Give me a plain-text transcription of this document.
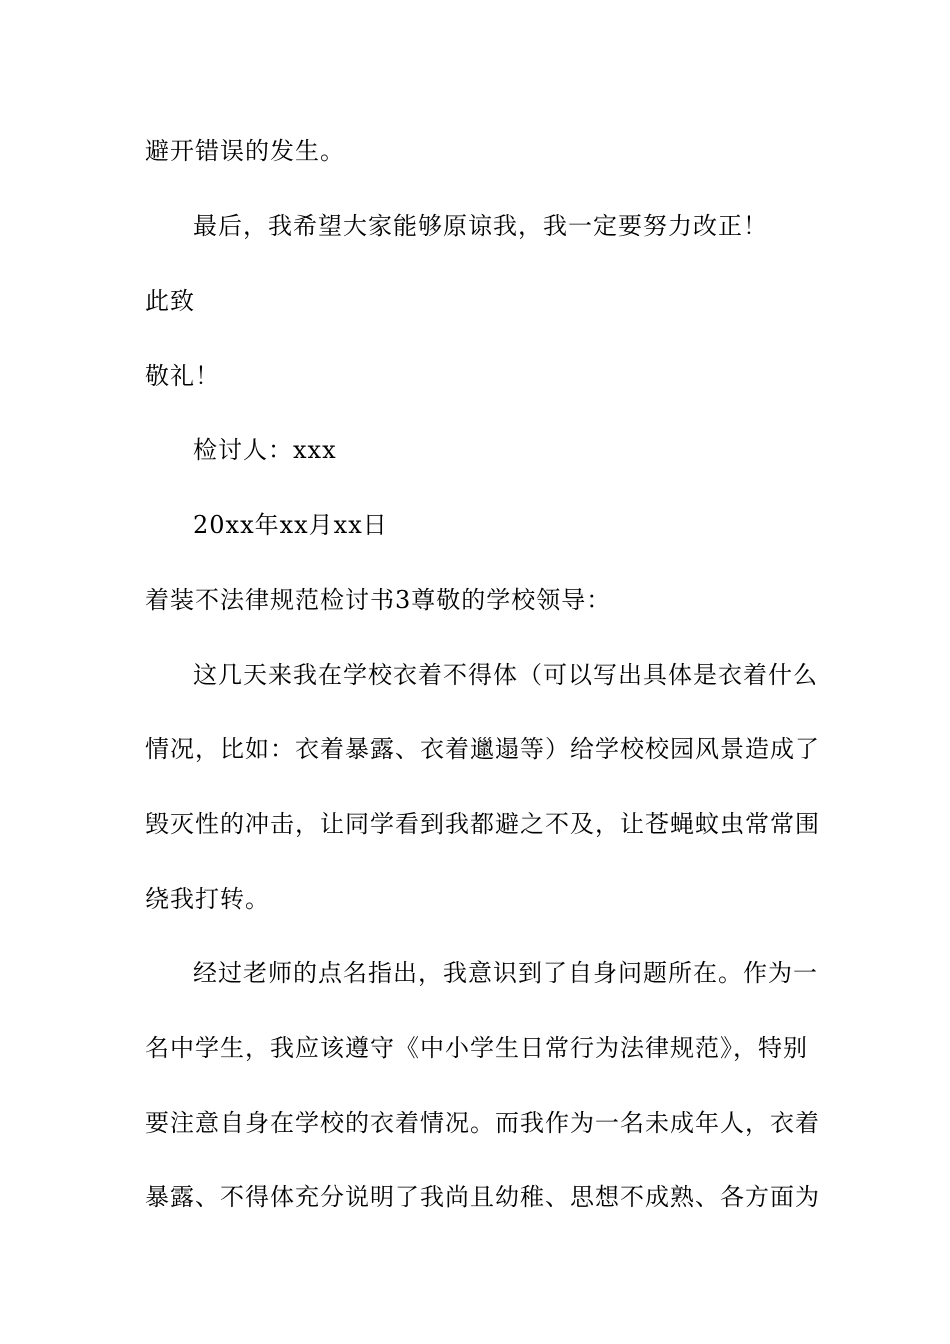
避开错误的发生。
最后，我希望大家能够原谅我，我一定要努力改正！
此致
敬礼！
检讨人：xxx
20xx年xx月xx日
着装不法律规范检讨书3尊敬的学校领导：
这几天来我在学校衣着不得体（可以写出具体是衣着什么
情况，比如：衣着暴露、衣着邋遢等）给学校校园风景造成了
毁灭性的冲击，让同学看到我都避之不及，让苍蝇蚊虫常常围
绕我打转。
经过老师的点名指出，我意识到了自身问题所在。作为一
名中学生，我应该遵守《中小学生日常行为法律规范》，特别
要注意自身在学校的衣着情况。而我作为一名未成年人，衣着
暴露、不得体充分说明了我尚且幼稚、思想不成熟、各方面为
